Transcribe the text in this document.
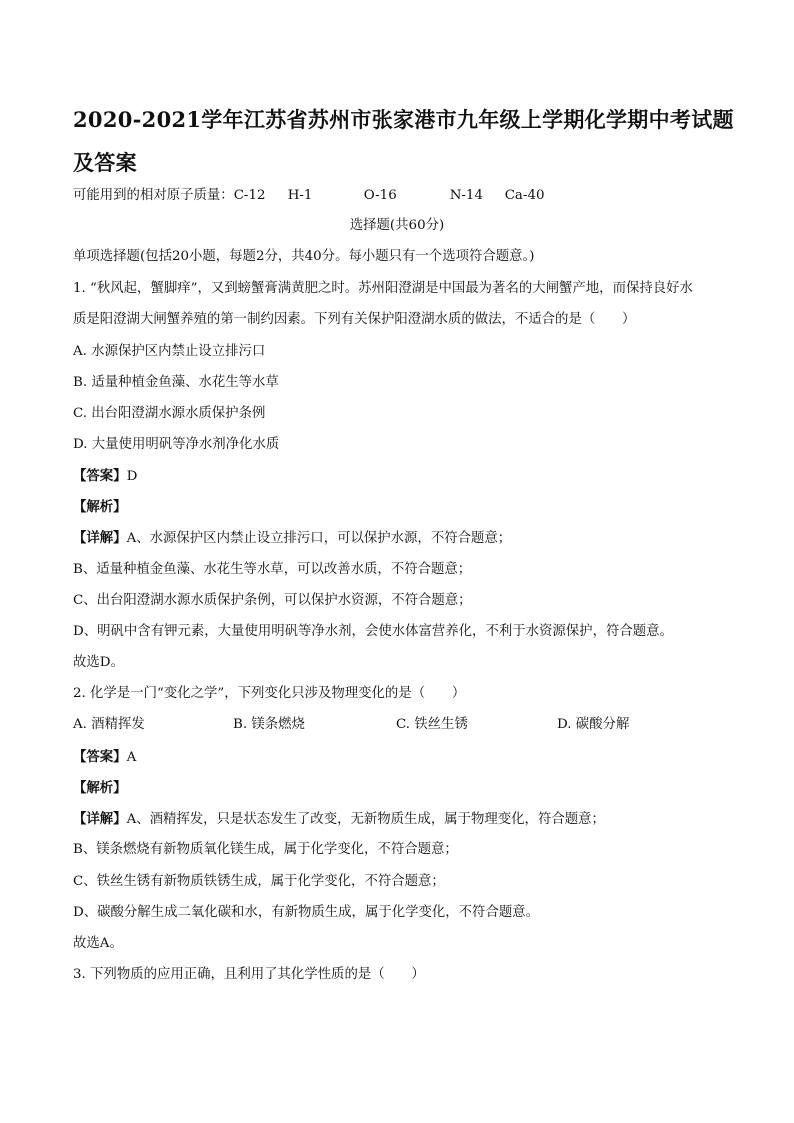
2020-2021学年江苏省苏州市张家港市九年级上学期化学期中考试题
及答案
可能用到的相对原子质量：C-12 H-1	O-16	N-14 Ca-40
选择题(共60分)
单项选择题(包括20小题，每题2分，共40分。每小题只有一个选项符合题意。)
1. “秋风起，蟹脚痒”，又到螃蟹膏满黄肥之时。苏州阳澄湖是中国最为著名的大闸蟹产地，而保持良好水
质是阳澄湖大闸蟹养殖的第一制约因素。下列有关保护阳澄湖水质的做法，不适合的是（　　）
A. 水源保护区内禁止设立排污口
B. 适量种植金鱼藻、水花生等水草
C. 出台阳澄湖水源水质保护条例
D. 大量使用明矾等净水剂净化水质
【答案】D
【解析】
【详解】A、水源保护区内禁止设立排污口，可以保护水源，不符合题意；
B、适量种植金鱼藻、水花生等水草，可以改善水质，不符合题意；
C、出台阳澄湖水源水质保护条例，可以保护水资源，不符合题意；
D、明矾中含有钾元素，大量使用明矾等净水剂，会使水体富营养化，不利于水资源保护，符合题意。
故选D。
2. 化学是一门“变化之学”，下列变化只涉及物理变化的是（　　）
A. 酒精挥发	B. 镁条燃烧	C. 铁丝生锈	D. 碳酸分解
【答案】A
【解析】
【详解】A、酒精挥发，只是状态发生了改变，无新物质生成，属于物理变化，符合题意；
B、镁条燃烧有新物质氧化镁生成，属于化学变化，不符合题意；
C、铁丝生锈有新物质铁锈生成，属于化学变化，不符合题意；
D、碳酸分解生成二氧化碳和水，有新物质生成，属于化学变化，不符合题意。
故选A。
3. 下列物质的应用正确，且利用了其化学性质的是（　　）
